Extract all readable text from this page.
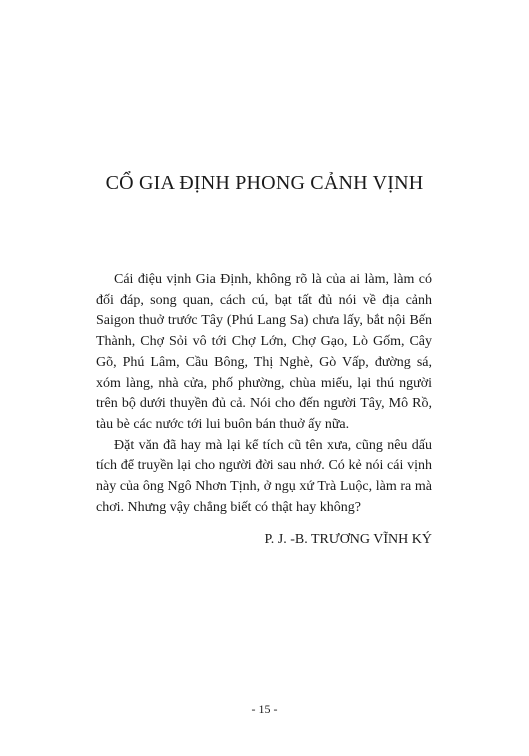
CỔ GIA ĐỊNH PHONG CẢNH VỊNH

Cái điệu vịnh Gia Định, không rõ là của ai làm, làm có đối đáp, song quan, cách cú, bạt tất đủ nói về địa cảnh Saigon thuở trước Tây (Phú Lang Sa) chưa lấy, bắt nội Bến Thành, Chợ Sỏi vô tới Chợ Lớn, Chợ Gạo, Lò Gốm, Cây Gõ, Phú Lâm, Cầu Bông, Thị Nghè, Gò Vấp, đường sá, xóm làng, nhà cửa, phố phường, chùa miếu, lại thú người trên bộ dưới thuyền đủ cả. Nói cho đến người Tây, Mô Rồ, tàu bè các nước tới lui buôn bán thuở ấy nữa.

Đặt văn đã hay mà lại kể tích cũ tên xưa, cũng nêu dấu tích để truyền lại cho người đời sau nhớ. Có kẻ nói cái vịnh này của ông Ngô Nhơn Tịnh, ở ngụ xứ Trà Luộc, làm ra mà chơi. Nhưng vậy chẳng biết có thật hay không?

P. J. -B. TRƯƠNG VĨNH KÝ

- 15 -
